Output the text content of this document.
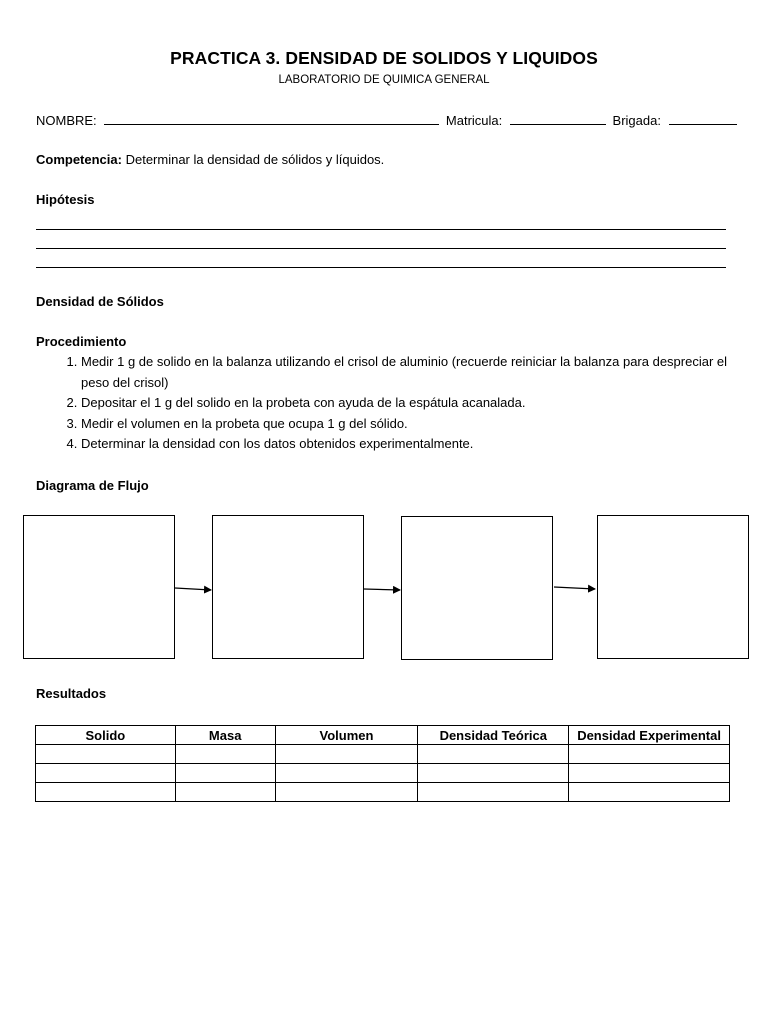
PRACTICA 3. DENSIDAD DE SOLIDOS Y LIQUIDOS
LABORATORIO DE QUIMICA GENERAL
NOMBRE:	Matricula:	Brigada:
Competencia: Determinar la densidad de sólidos y líquidos.
Hipótesis
Densidad de Sólidos
Procedimiento
1. Medir 1 g de solido en la balanza utilizando el crisol de aluminio (recuerde reiniciar la balanza para despreciar el peso del crisol)
2. Depositar el 1 g del solido en la probeta con ayuda de la espátula acanalada.
3. Medir el volumen en la probeta que ocupa 1 g del sólido.
4. Determinar la densidad con los datos obtenidos experimentalmente.
Diagrama de Flujo
Resultados
Solido	Masa	Volumen	Densidad Teórica	Densidad Experimental
